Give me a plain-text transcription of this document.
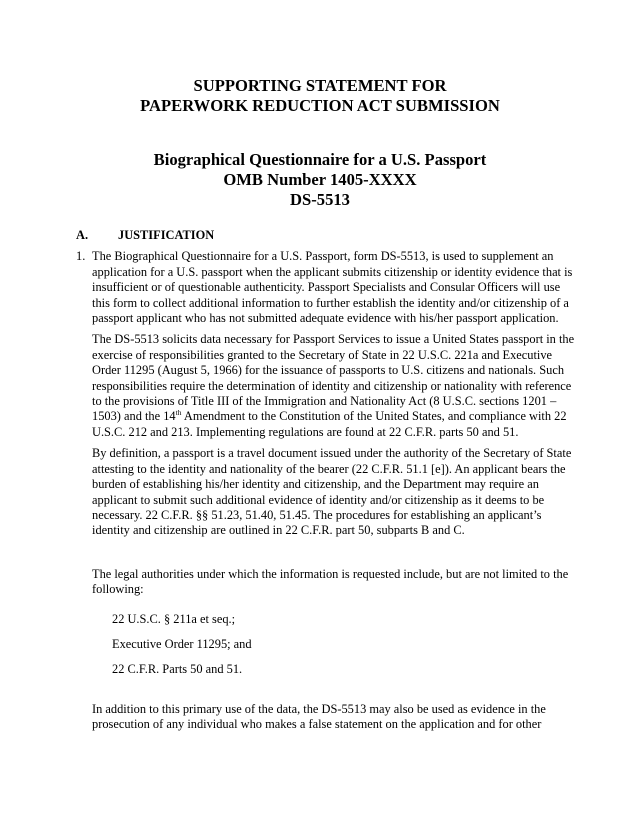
SUPPORTING STATEMENT FOR
PAPERWORK REDUCTION ACT SUBMISSION
Biographical Questionnaire for a U.S. Passport
OMB Number 1405-XXXX
DS-5513
A.	JUSTIFICATION
1. The Biographical Questionnaire for a U.S. Passport, form DS-5513, is used to supplement an application for a U.S. passport when the applicant submits citizenship or identity evidence that is insufficient or of questionable authenticity. Passport Specialists and Consular Officers will use this form to collect additional information to further establish the identity and/or citizenship of a passport applicant who has not submitted adequate evidence with his/her passport application.

The DS-5513 solicits data necessary for Passport Services to issue a United States passport in the exercise of responsibilities granted to the Secretary of State in 22 U.S.C. 221a and Executive Order 11295 (August 5, 1966) for the issuance of passports to U.S. citizens and nationals. Such responsibilities require the determination of identity and citizenship or nationality with reference to the provisions of Title III of the Immigration and Nationality Act (8 U.S.C. sections 1201 – 1503) and the 14th Amendment to the Constitution of the United States, and compliance with 22 U.S.C. 212 and 213. Implementing regulations are found at 22 C.F.R. parts 50 and 51.

By definition, a passport is a travel document issued under the authority of the Secretary of State attesting to the identity and nationality of the bearer (22 C.F.R. 51.1 [e]). An applicant bears the burden of establishing his/her identity and citizenship, and the Department may require an applicant to submit such additional evidence of identity and/or citizenship as it deems to be necessary. 22 C.F.R. §§ 51.23, 51.40, 51.45. The procedures for establishing an applicant’s identity and citizenship are outlined in 22 C.F.R. part 50, subparts B and C.

The legal authorities under which the information is requested include, but are not limited to the following:

22 U.S.C. § 211a et seq.;
Executive Order 11295; and
22 C.F.R. Parts 50 and 51.

In addition to this primary use of the data, the DS-5513 may also be used as evidence in the prosecution of any individual who makes a false statement on the application and for other
